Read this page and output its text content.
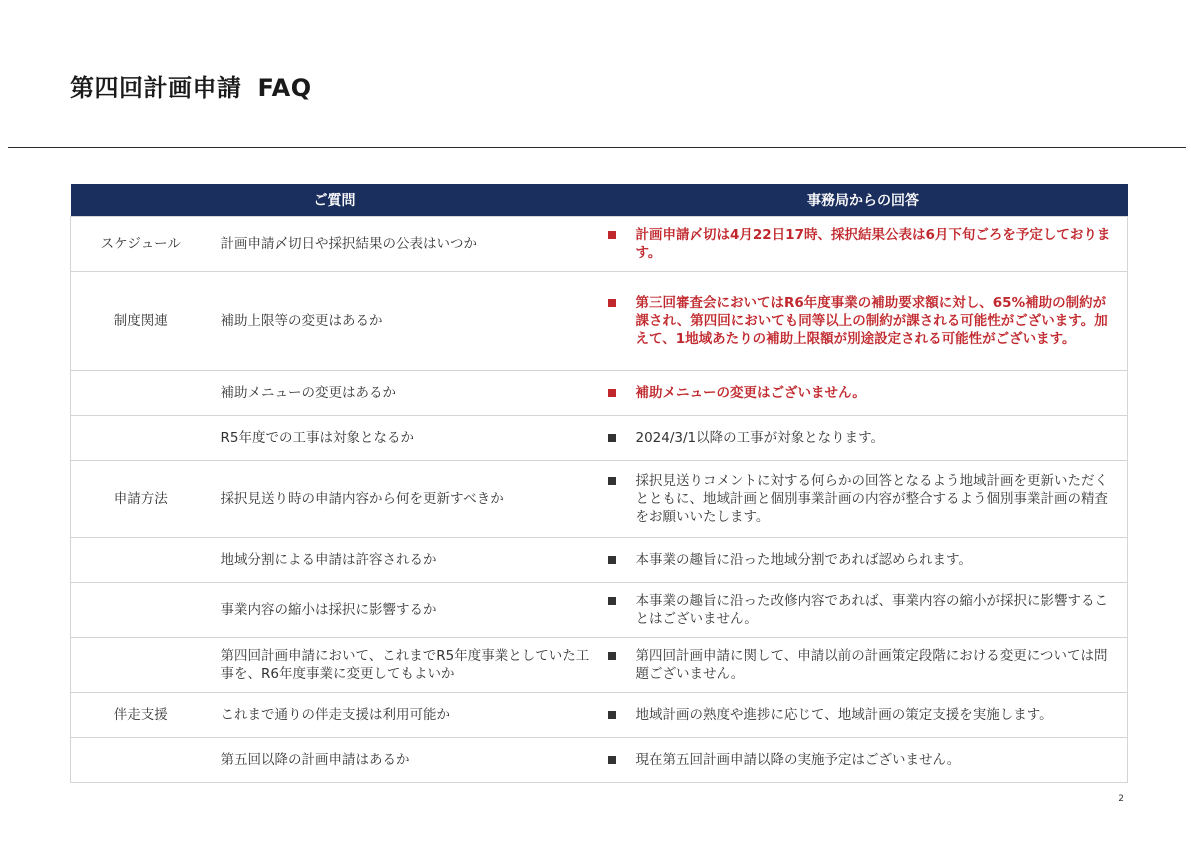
第四回計画申請 FAQ
ご質問		事務局からの回答
スケジュール	計画申請〆切日や採択結果の公表はいつか	計画申請〆切は4月22日17時、採択結果公表は6月下旬ごろを予定しております。

制度関連	補助上限等の変更はあるか	第三回審査会においてはR6年度事業の補助要求額に対し、65%補助の制約が課され、第四回においても同等以上の制約が課される可能性がございます。加えて、1地域あたりの補助上限額が別途設定される可能性がございます。

	補助メニューの変更はあるか	補助メニューの変更はございません。

	R5年度での工事は対象となるか	2024/3/1以降の工事が対象となります。

申請方法	採択見送り時の申請内容から何を更新すべきか	採択見送りコメントに対する何らかの回答となるよう地域計画を更新いただくとともに、地域計画と個別事業計画の内容が整合するよう個別事業計画の精査をお願いいたします。

	地域分割による申請は許容されるか	本事業の趣旨に沿った地域分割であれば認められます。

	事業内容の縮小は採択に影響するか	本事業の趣旨に沿った改修内容であれば、事業内容の縮小が採択に影響することはございません。

	第四回計画申請において、これまでR5年度事業としていた工事を、R6年度事業に変更してもよいか	第四回計画申請に関して、申請以前の計画策定段階における変更については問題ございません。

伴走支援	これまで通りの伴走支援は利用可能か	地域計画の熟度や進捗に応じて、地域計画の策定支援を実施します。

	第五回以降の計画申請はあるか	現在第五回計画申請以降の実施予定はございません。
2
